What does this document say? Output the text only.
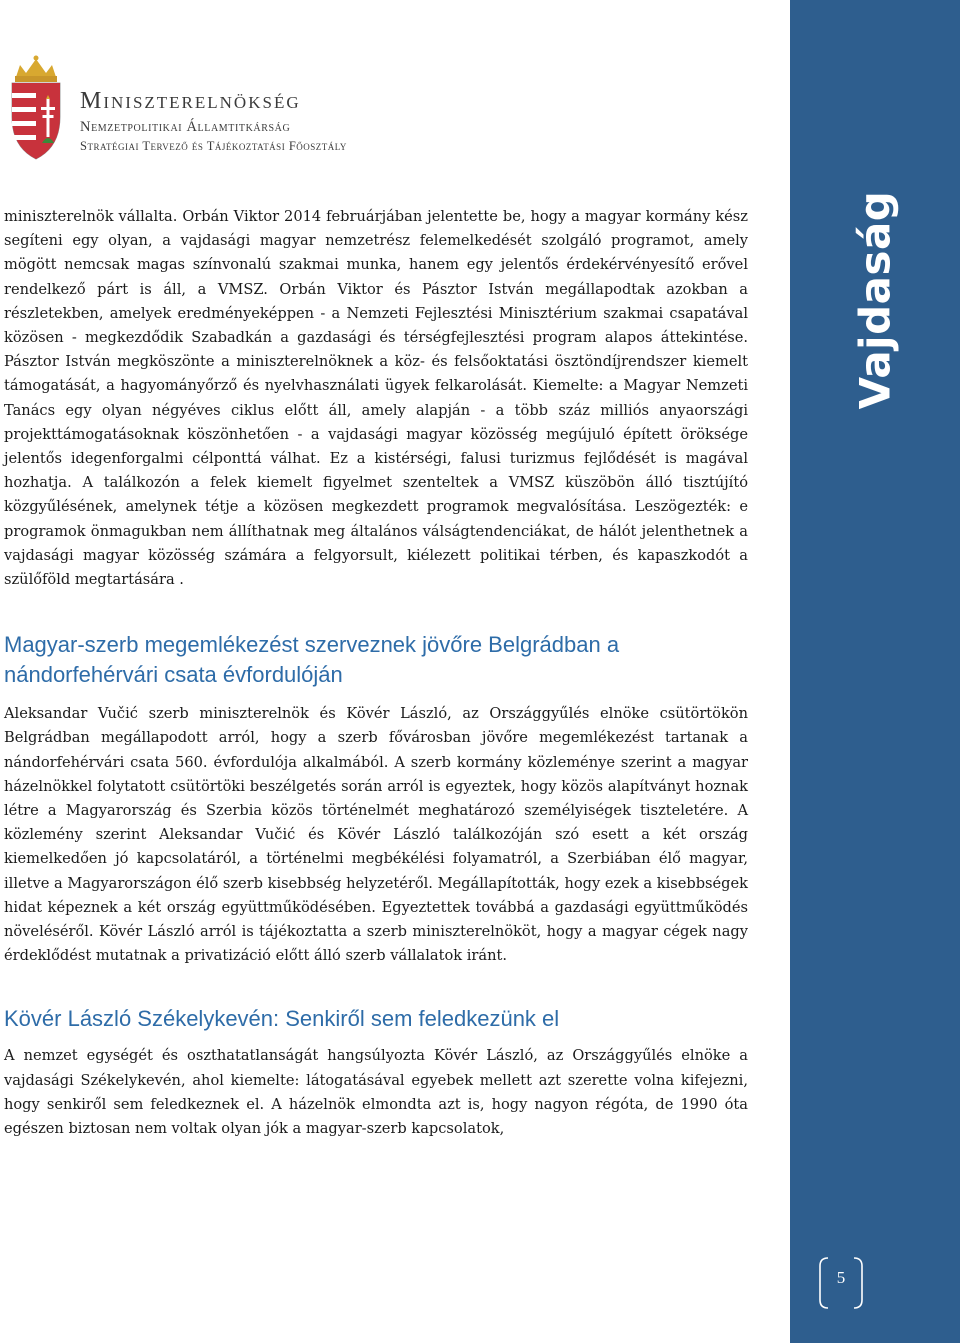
Miniszterelnökség
Nemzetpolitikai Államtitkárság
Stratégiai Tervező és Tájékoztatási Főosztály

miniszterelnök vállalta. Orbán Viktor 2014 februárjában jelentette be, hogy a magyar kormány kész segíteni egy olyan, a vajdasági magyar nemzetrész felemelkedését szolgáló programot, amely mögött nemcsak magas színvonalú szakmai munka, hanem egy jelentős érdekérvényesítő erővel rendelkező párt is áll, a VMSZ. Orbán Viktor és Pásztor István megállapodtak azokban a részletekben, amelyek eredményeképpen - a Nemzeti Fejlesztési Minisztérium szakmai csapatával közösen - megkezdődik Szabadkán a gazdasági és térségfejlesztési program alapos áttekintése. Pásztor István megköszönte a miniszterelnöknek a köz- és felsőoktatási ösztöndíjrendszer kiemelt támogatását, a hagyományőrző és nyelvhasználati ügyek felkarolását. Kiemelte: a Magyar Nemzeti Tanács egy olyan négyéves ciklus előtt áll, amely alapján - a több száz milliós anyaországi projekttámogatásoknak köszönhetően - a vajdasági magyar közösség megújuló épített öröksége jelentős idegenforgalmi célponttá válhat. Ez a kistérségi, falusi turizmus fejlődését is magával hozhatja. A találkozón a felek kiemelt figyelmet szenteltek a VMSZ küszöbön álló tisztújító közgyűlésének, amelynek tétje a közösen megkezdett programok megvalósítása. Leszögezték: e programok önmagukban nem állíthatnak meg általános válságtendenciákat, de hálót jelenthetnek a vajdasági magyar közösség számára a felgyorsult, kiélezett politikai térben, és kapaszkodót a szülőföld megtartására .

Magyar-szerb megemlékezést szerveznek jövőre Belgrádban a nándorfehérvári csata évfordulóján

Aleksandar Vučić szerb miniszterelnök és Kövér László, az Országgyűlés elnöke csütörtökön Belgrádban megállapodott arról, hogy a szerb fővárosban jövőre megemlékezést tartanak a nándorfehérvári csata 560. évfordulója alkalmából. A szerb kormány közleménye szerint a magyar házelnökkel folytatott csütörtöki beszélgetés során arról is egyeztek, hogy közös alapítványt hoznak létre a Magyarország és Szerbia közös történelmét meghatározó személyiségek tiszteletére. A közlemény szerint Aleksandar Vučić és Kövér László találkozóján szó esett a két ország kiemelkedően jó kapcsolatáról, a történelmi megbékélési folyamatról, a Szerbiában élő magyar, illetve a Magyarországon élő szerb kisebbség helyzetéről. Megállapították, hogy ezek a kisebbségek hidat képeznek a két ország együttműködésében. Egyeztettek továbbá a gazdasági együttműködés növeléséről. Kövér László arról is tájékoztatta a szerb miniszterelnököt, hogy a magyar cégek nagy érdeklődést mutatnak a privatizáció előtt álló szerb vállalatok iránt.

Kövér László Székelykevén: Senkiről sem feledkezünk el

A nemzet egységét és oszthatatlanságát hangsúlyozta Kövér László, az Országgyűlés elnöke a vajdasági Székelykevén, ahol kiemelte: látogatásával egyebek mellett azt szerette volna kifejezni, hogy senkiről sem feledkeznek el. A házelnök elmondta azt is, hogy nagyon régóta, de 1990 óta egészen biztosan nem voltak olyan jók a magyar-szerb kapcsolatok,

Vajdaság
5
